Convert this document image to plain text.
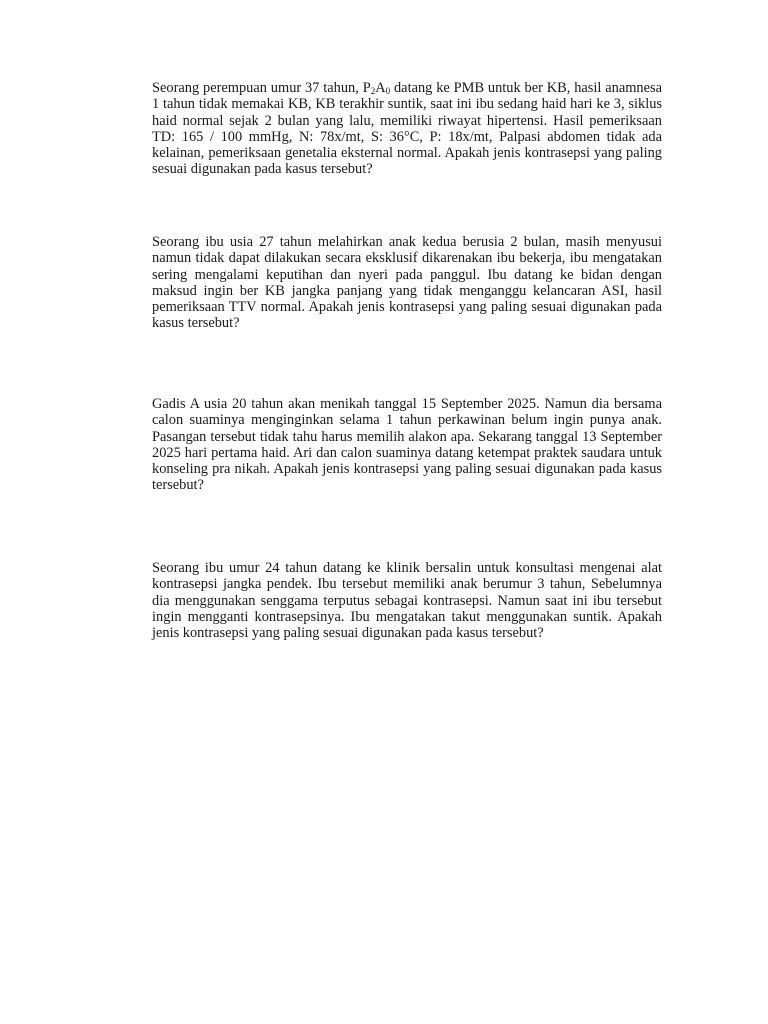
Seorang perempuan umur 37 tahun, $P_2A_0$ datang ke PMB untuk ber KB, hasil anamnesa 1 tahun tidak memakai KB, KB terakhir suntik, saat ini ibu sedang haid hari ke 3, siklus haid normal sejak 2 bulan yang lalu, memiliki riwayat hipertensi. Hasil pemeriksaan TD: 165 / 100 mmHg, N: 78x/mt, S: 36°C, P: 18x/mt, Palpasi abdomen tidak ada kelainan, pemeriksaan genetalia eksternal normal. Apakah jenis kontrasepsi yang paling sesuai digunakan pada kasus tersebut?

Seorang ibu usia 27 tahun melahirkan anak kedua berusia 2 bulan, masih menyusui namun tidak dapat dilakukan secara eksklusif dikarenakan ibu bekerja, ibu mengatakan sering mengalami keputihan dan nyeri pada panggul. Ibu datang ke bidan dengan maksud ingin ber KB jangka panjang yang tidak menganggu kelancaran ASI, hasil pemeriksaan TTV normal. Apakah jenis kontrasepsi yang paling sesuai digunakan pada kasus tersebut?

Gadis A usia 20 tahun akan menikah tanggal 15 September 2025. Namun dia bersama calon suaminya menginginkan selama 1 tahun perkawinan belum ingin punya anak. Pasangan tersebut tidak tahu harus memilih alakon apa. Sekarang tanggal 13 September 2025 hari pertama haid. Ari dan calon suaminya datang ketempat praktek saudara untuk konseling pra nikah. Apakah jenis kontrasepsi yang paling sesuai digunakan pada kasus tersebut?

Seorang ibu umur 24 tahun datang ke klinik bersalin untuk konsultasi mengenai alat kontrasepsi jangka pendek. Ibu tersebut memiliki anak berumur 3 tahun, Sebelumnya dia menggunakan senggama terputus sebagai kontrasepsi. Namun saat ini ibu tersebut ingin mengganti kontrasepsinya. Ibu mengatakan takut menggunakan suntik. Apakah jenis kontrasepsi yang paling sesuai digunakan pada kasus tersebut?
